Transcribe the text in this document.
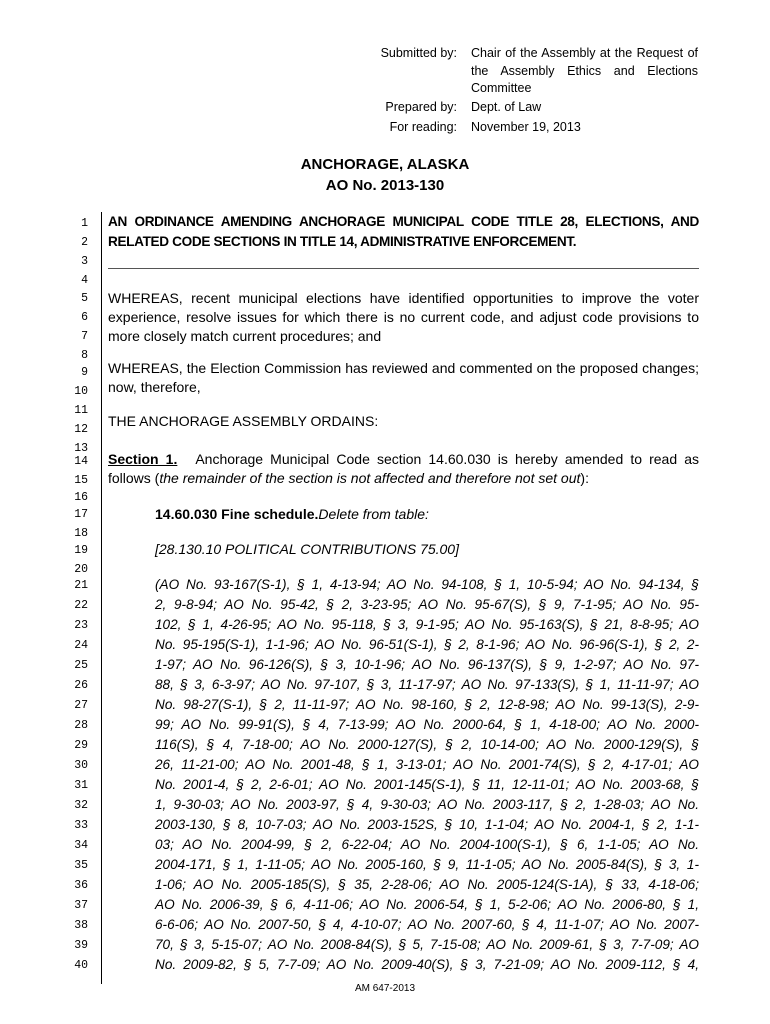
Submitted by: Chair of the Assembly at the Request of the Assembly Ethics and Elections Committee
Prepared by: Dept. of Law
For reading: November 19, 2013
ANCHORAGE, ALASKA
AO No. 2013-130
1
2
3
4
5
6
7
8
9
10
11
12
13
14
15
16
17
18
19
20
21
22
23
24
25
26
27
28
29
30
31
32
33
34
35
36
37
38
39
40
AN ORDINANCE AMENDING ANCHORAGE MUNICIPAL CODE TITLE 28, ELECTIONS, AND RELATED CODE SECTIONS IN TITLE 14, ADMINISTRATIVE ENFORCEMENT.
WHEREAS, recent municipal elections have identified opportunities to improve the voter experience, resolve issues for which there is no current code, and adjust code provisions to more closely match current procedures; and
WHEREAS, the Election Commission has reviewed and commented on the proposed changes; now, therefore,
THE ANCHORAGE ASSEMBLY ORDAINS:
Section 1. Anchorage Municipal Code section 14.60.030 is hereby amended to read as follows (the remainder of the section is not affected and therefore not set out):
14.60.030 Fine schedule.Delete from table:
[28.130.10 POLITICAL CONTRIBUTIONS 75.00]
(AO No. 93-167(S-1), § 1, 4-13-94; AO No. 94-108, § 1, 10-5-94; AO No. 94-134, §
2, 9-8-94; AO No. 95-42, § 2, 3-23-95; AO No. 95-67(S), § 9, 7-1-95; AO No. 95-
102, § 1, 4-26-95; AO No. 95-118, § 3, 9-1-95; AO No. 95-163(S), § 21, 8-8-95; AO
No. 95-195(S-1), 1-1-96; AO No. 96-51(S-1), § 2, 8-1-96; AO No. 96-96(S-1), § 2, 2-
1-97; AO No. 96-126(S), § 3, 10-1-96; AO No. 96-137(S), § 9, 1-2-97; AO No. 97-
88, § 3, 6-3-97; AO No. 97-107, § 3, 11-17-97; AO No. 97-133(S), § 1, 11-11-97; AO
No. 98-27(S-1), § 2, 11-11-97; AO No. 98-160, § 2, 12-8-98; AO No. 99-13(S), 2-9-
99; AO No. 99-91(S), § 4, 7-13-99; AO No. 2000-64, § 1, 4-18-00; AO No. 2000-
116(S), § 4, 7-18-00; AO No. 2000-127(S), § 2, 10-14-00; AO No. 2000-129(S), §
26, 11-21-00; AO No. 2001-48, § 1, 3-13-01; AO No. 2001-74(S), § 2, 4-17-01; AO
No. 2001-4, § 2, 2-6-01; AO No. 2001-145(S-1), § 11, 12-11-01; AO No. 2003-68, §
1, 9-30-03; AO No. 2003-97, § 4, 9-30-03; AO No. 2003-117, § 2, 1-28-03; AO No.
2003-130, § 8, 10-7-03; AO No. 2003-152S, § 10, 1-1-04; AO No. 2004-1, § 2, 1-1-
03; AO No. 2004-99, § 2, 6-22-04; AO No. 2004-100(S-1), § 6, 1-1-05; AO No.
2004-171, § 1, 1-11-05; AO No. 2005-160, § 9, 11-1-05; AO No. 2005-84(S), § 3, 1-
1-06; AO No. 2005-185(S), § 35, 2-28-06; AO No. 2005-124(S-1A), § 33, 4-18-06;
AO No. 2006-39, § 6, 4-11-06; AO No. 2006-54, § 1, 5-2-06; AO No. 2006-80, § 1,
6-6-06; AO No. 2007-50, § 4, 4-10-07; AO No. 2007-60, § 4, 11-1-07; AO No. 2007-
70, § 3, 5-15-07; AO No. 2008-84(S), § 5, 7-15-08; AO No. 2009-61, § 3, 7-7-09; AO
No. 2009-82, § 5, 7-7-09; AO No. 2009-40(S), § 3, 7-21-09; AO No. 2009-112, § 4,
AM 647-2013
